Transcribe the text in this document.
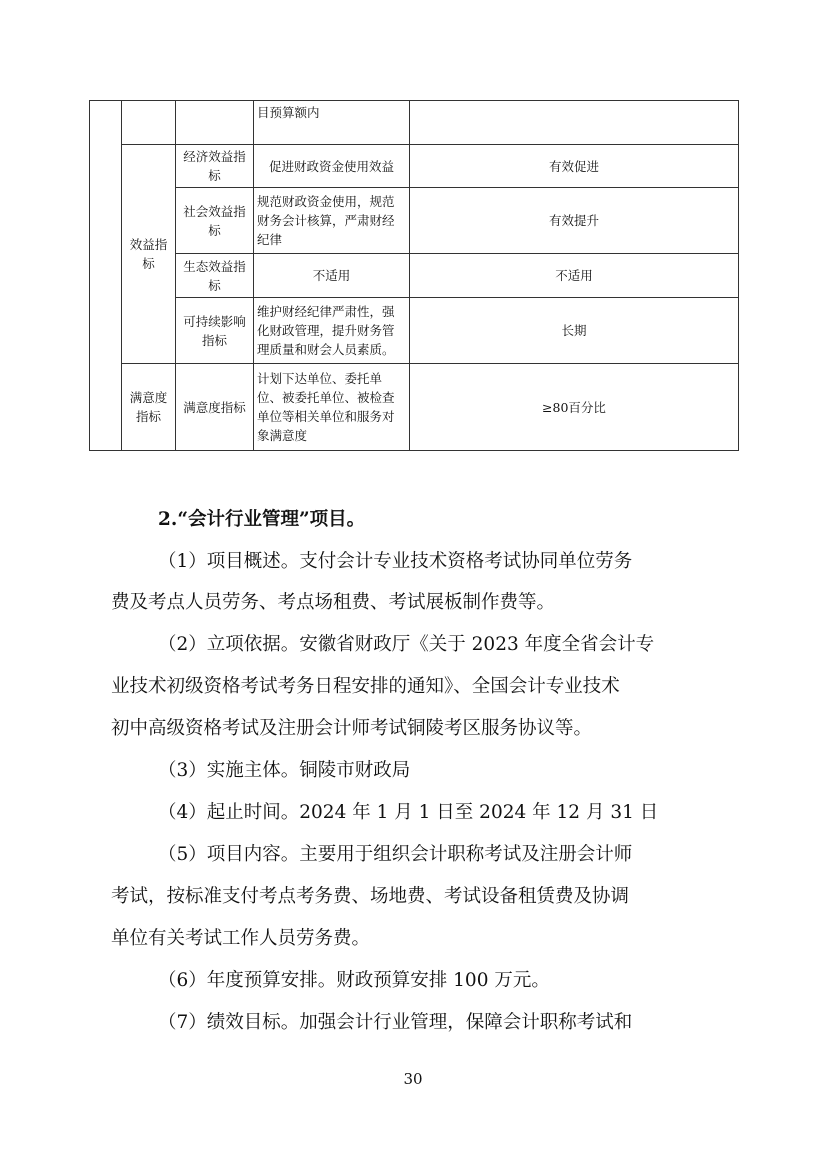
			目预算额内	
	效益指标	经济效益指标	促进财政资金使用效益	有效促进
		社会效益指标	规范财政资金使用，规范财务会计核算，严肃财经纪律	有效提升
		生态效益指标	不适用	不适用
		可持续影响指标	维护财经纪律严肃性，强化财政管理，提升财务管理质量和财会人员素质。	长期
	满意度指标	满意度指标	计划下达单位、委托单位、被委托单位、被检查单位等相关单位和服务对象满意度	≥80百分比
2.“会计行业管理”项目。
（1）项目概述。支付会计专业技术资格考试协同单位劳务
费及考点人员劳务、考点场租费、考试展板制作费等。
（2）立项依据。安徽省财政厅《关于 2023 年度全省会计专
业技术初级资格考试考务日程安排的通知》、全国会计专业技术
初中高级资格考试及注册会计师考试铜陵考区服务协议等。
（3）实施主体。铜陵市财政局
（4）起止时间。2024 年 1 月 1 日至 2024 年 12 月 31 日
（5）项目内容。主要用于组织会计职称考试及注册会计师
考试，按标准支付考点考务费、场地费、考试设备租赁费及协调
单位有关考试工作人员劳务费。
（6）年度预算安排。财政预算安排 100 万元。
（7）绩效目标。加强会计行业管理，保障会计职称考试和
30
